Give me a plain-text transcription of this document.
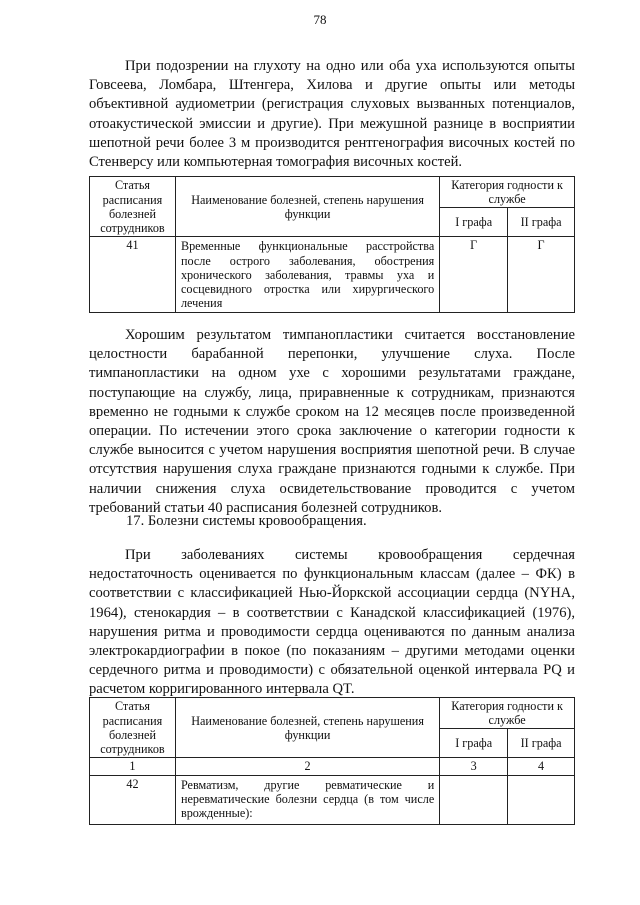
78

При подозрении на глухоту на одно или оба уха используются опыты Говсеева, Ломбара, Штенгера, Хилова и другие опыты или методы объективной аудиометрии (регистрация слуховых вызванных потенциалов, отоакустической эмиссии и другие). При межушной разнице в восприятии шепотной речи более 3 м производится рентгенография височных костей по Стенверсу или компьютерная томография височных костей.

Статья расписания болезней сотрудников	Наименование болезней, степень нарушения функции	Категория годности к службе	
		I графа	II графа
41	Временные функциональные расстройства после острого заболевания, обострения хронического заболевания, травмы уха и сосцевидного отростка или хирургического лечения	Г	Г

Хорошим результатом тимпанопластики считается восстановление целостности барабанной перепонки, улучшение слуха. После тимпанопластики на одном ухе с хорошими результатами граждане, поступающие на службу, лица, приравненные к сотрудникам, признаются временно не годными к службе сроком на 12 месяцев после произведенной операции. По истечении этого срока заключение о категории годности к службе выносится с учетом нарушения восприятия шепотной речи. В случае отсутствия нарушения слуха граждане признаются годными к службе. При наличии снижения слуха освидетельствование проводится с учетом требований статьи 40 расписания болезней сотрудников.

17. Болезни системы кровообращения.

При заболеваниях системы кровообращения сердечная недостаточность оценивается по функциональным классам (далее – ФК) в соответствии с классификацией Нью-Йоркской ассоциации сердца (NYHA, 1964), стенокардия – в соответствии с Канадской классификацией (1976), нарушения ритма и проводимости сердца оцениваются по данным анализа электрокардиографии в покое (по показаниям – другими методами оценки сердечного ритма и проводимости) с обязательной оценкой интервала PQ и расчетом корригированного интервала QT.

Статья расписания болезней сотрудников	Наименование болезней, степень нарушения функции	Категория годности к службе	
		I графа	II графа
1	2	3	4
42	Ревматизм, другие ревматические и неревматические болезни сердца (в том числе врожденные):		
